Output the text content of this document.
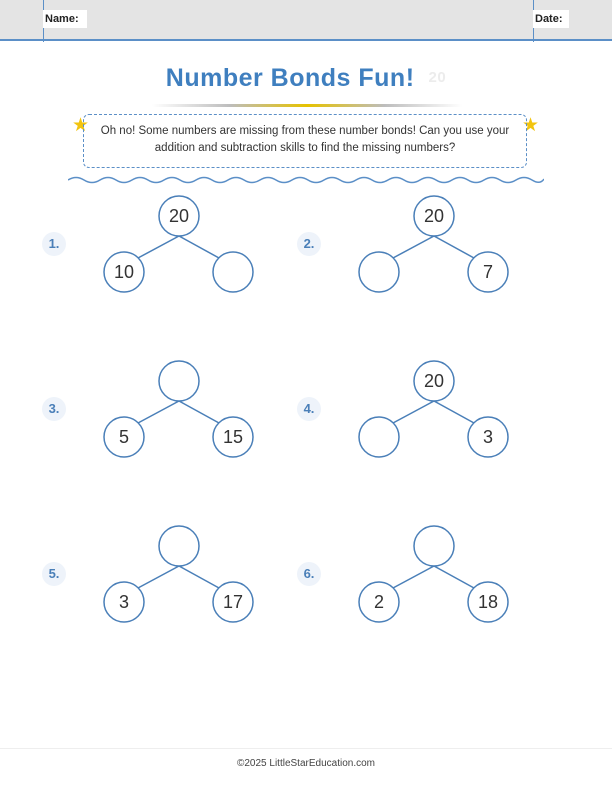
Name:	Date:
Number Bonds Fun! 20
★	★
Oh no! Some numbers are missing from these number bonds! Can you use your addition and subtraction skills to find the missing numbers?
1.
20
10
2.
20
7
3.
5	15
4.
20
3
5.
3	17
6.
2	18
©2025 LittleStarEducation.com
